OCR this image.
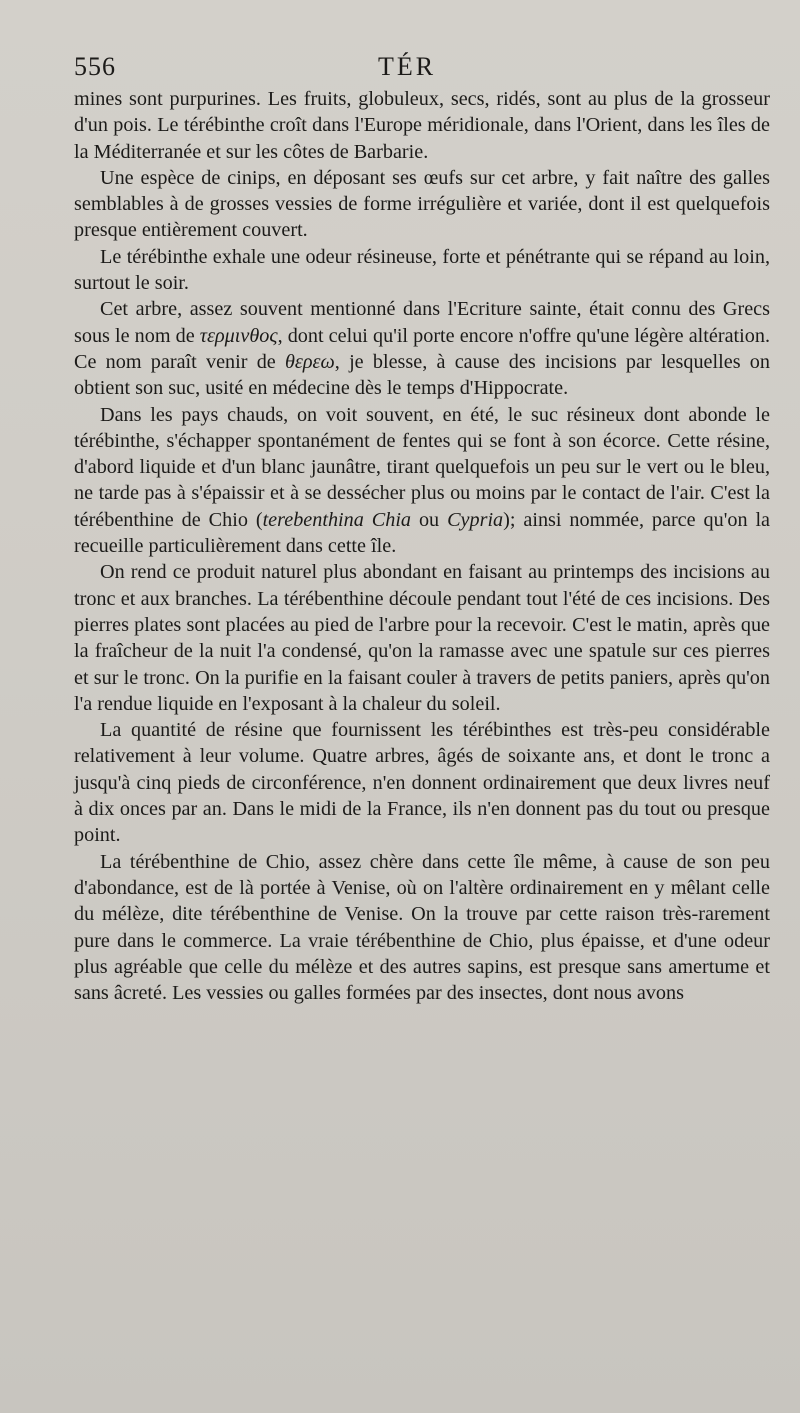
556	TÉR

mines sont purpurines. Les fruits, globuleux, secs, ridés, sont au plus de la grosseur d'un pois. Le térébinthe croît dans l'Europe méridionale, dans l'Orient, dans les îles de la Méditerranée et sur les côtes de Barbarie.

Une espèce de cinips, en déposant ses œufs sur cet arbre, y fait naître des galles semblables à de grosses vessies de forme irrégulière et variée, dont il est quelquefois presque entièrement couvert.

Le térébinthe exhale une odeur résineuse, forte et pénétrante qui se répand au loin, surtout le soir.

Cet arbre, assez souvent mentionné dans l'Ecriture sainte, était connu des Grecs sous le nom de τερμινθος, dont celui qu'il porte encore n'offre qu'une légère altération. Ce nom paraît venir de θερεω, je blesse, à cause des incisions par lesquelles on obtient son suc, usité en médecine dès le temps d'Hippocrate.

Dans les pays chauds, on voit souvent, en été, le suc résineux dont abonde le térébinthe, s'échapper spontanément de fentes qui se font à son écorce. Cette résine, d'abord liquide et d'un blanc jaunâtre, tirant quelquefois un peu sur le vert ou le bleu, ne tarde pas à s'épaissir et à se dessécher plus ou moins par le contact de l'air. C'est la térébenthine de Chio (terebenthina Chia ou Cypria); ainsi nommée, parce qu'on la recueille particulièrement dans cette île.

On rend ce produit naturel plus abondant en faisant au printemps des incisions au tronc et aux branches. La térébenthine découle pendant tout l'été de ces incisions. Des pierres plates sont placées au pied de l'arbre pour la recevoir. C'est le matin, après que la fraîcheur de la nuit l'a condensé, qu'on la ramasse avec une spatule sur ces pierres et sur le tronc. On la purifie en la faisant couler à travers de petits paniers, après qu'on l'a rendue liquide en l'exposant à la chaleur du soleil.

La quantité de résine que fournissent les térébinthes est très-peu considérable relativement à leur volume. Quatre arbres, âgés de soixante ans, et dont le tronc a jusqu'à cinq pieds de circonférence, n'en donnent ordinairement que deux livres neuf à dix onces par an. Dans le midi de la France, ils n'en donnent pas du tout ou presque point.

La térébenthine de Chio, assez chère dans cette île même, à cause de son peu d'abondance, est de là portée à Venise, où on l'altère ordinairement en y mêlant celle du mélèze, dite térébenthine de Venise. On la trouve par cette raison très-rarement pure dans le commerce. La vraie térébenthine de Chio, plus épaisse, et d'une odeur plus agréable que celle du mélèze et des autres sapins, est presque sans amertume et sans âcreté. Les vessies ou galles formées par des insectes, dont nous avons
